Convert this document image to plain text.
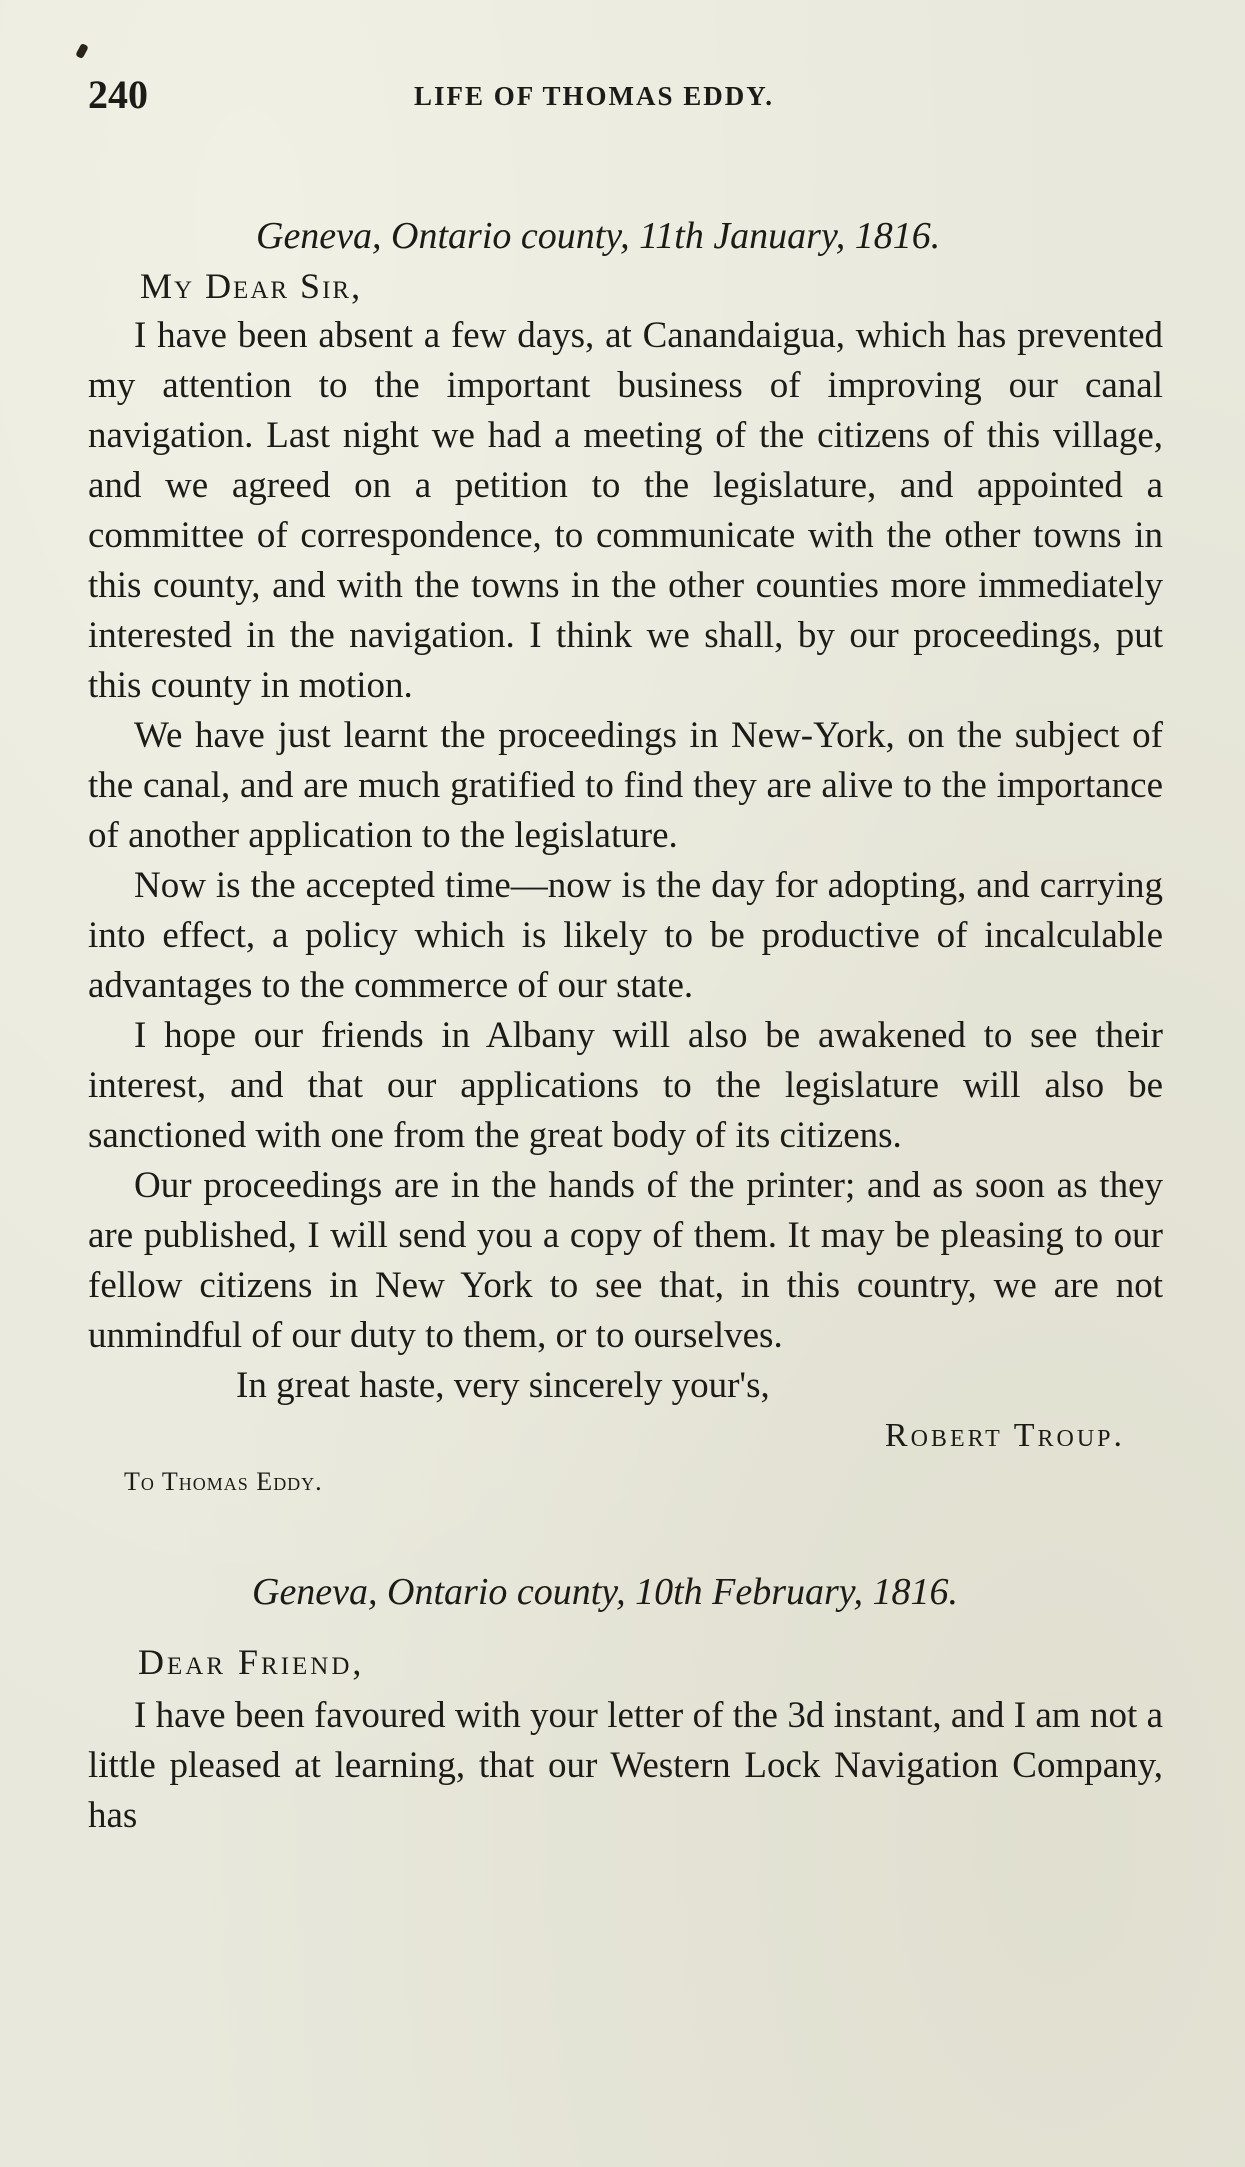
240	LIFE OF THOMAS EDDY.
Geneva, Ontario county, 11th January, 1816.
My Dear Sir,

I have been absent a few days, at Canandaigua, which has prevented my attention to the important business of improving our canal navigation. Last night we had a meeting of the citizens of this village, and we agreed on a petition to the legislature, and appointed a committee of correspondence, to communicate with the other towns in this county, and with the towns in the other counties more immediately interested in the navigation. I think we shall, by our proceedings, put this county in motion.

We have just learnt the proceedings in New-York, on the subject of the canal, and are much gratified to find they are alive to the importance of another application to the legislature.

Now is the accepted time—now is the day for adopting, and carrying into effect, a policy which is likely to be productive of incalculable advantages to the commerce of our state.

I hope our friends in Albany will also be awakened to see their interest, and that our applications to the legislature will also be sanctioned with one from the great body of its citizens.

Our proceedings are in the hands of the printer; and as soon as they are published, I will send you a copy of them. It may be pleasing to our fellow citizens in New York to see that, in this country, we are not unmindful of our duty to them, or to ourselves.

In great haste, very sincerely your's,
Robert Troup.
To Thomas Eddy.
Geneva, Ontario county, 10th February, 1816.
Dear Friend,

I have been favoured with your letter of the 3d instant, and I am not a little pleased at learning, that our Western Lock Navigation Company, has
